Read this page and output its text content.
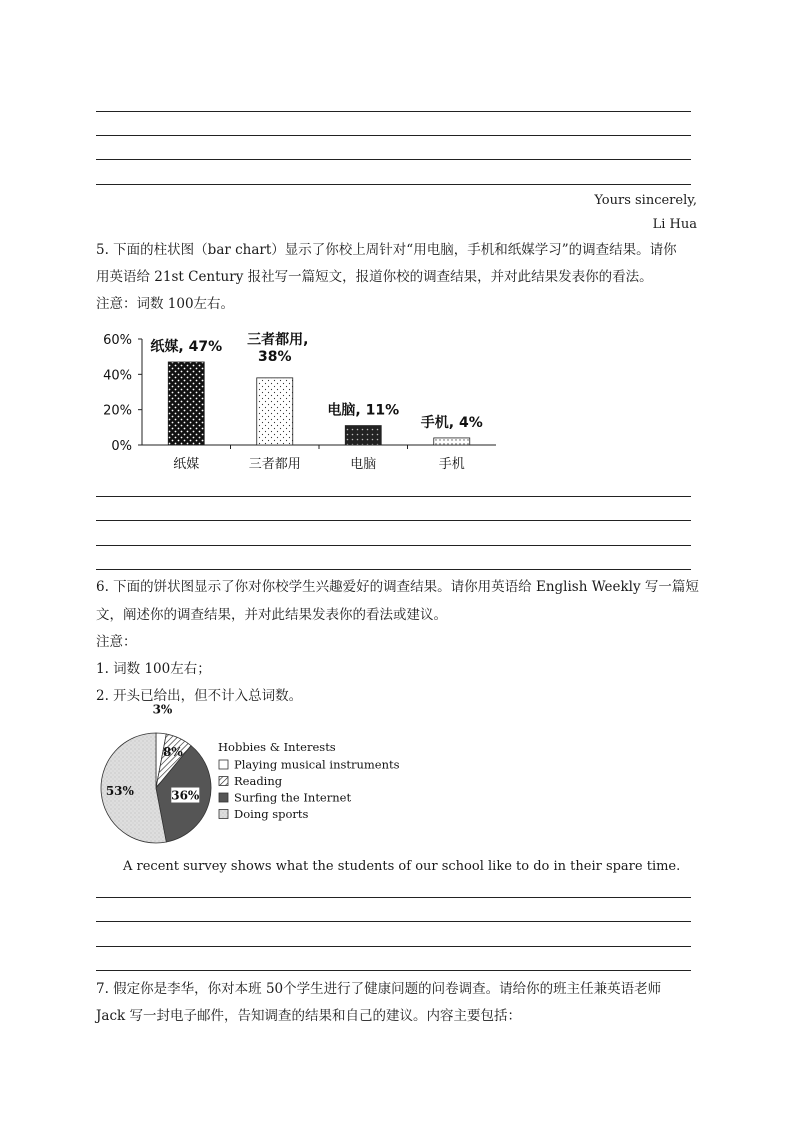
Yours sincerely,
Li Hua
5. 下面的柱状图（bar chart）显示了你校上周针对“用电脑，手机和纸媒学习”的调查结果。请你
用英语给 21st Century 报社写一篇短文，报道你校的调查结果，并对此结果发表你的看法。
注意：词数 100左右。
0%
20%
40%
60%
纸媒
纸媒, 47%
三者都用
三者都用,
38%
电脑
电脑, 11%
手机
手机, 4%
6. 下面的饼状图显示了你对你校学生兴趣爱好的调查结果。请你用英语给 English Weekly 写一篇短
文，阐述你的调查结果，并对此结果发表你的看法或建议。
注意：
1. 词数 100左右；
2. 开头已给出，但不计入总词数。
3%
8%
36%
53%
Hobbies & Interests
Playing musical instruments
Reading
Surfing the Internet
Doing sports
A recent survey shows what the students of our school like to do in their spare time.
7. 假定你是李华，你对本班 50个学生进行了健康问题的问卷调查。请给你的班主任兼英语老师
Jack 写一封电子邮件，告知调查的结果和自己的建议。内容主要包括：
